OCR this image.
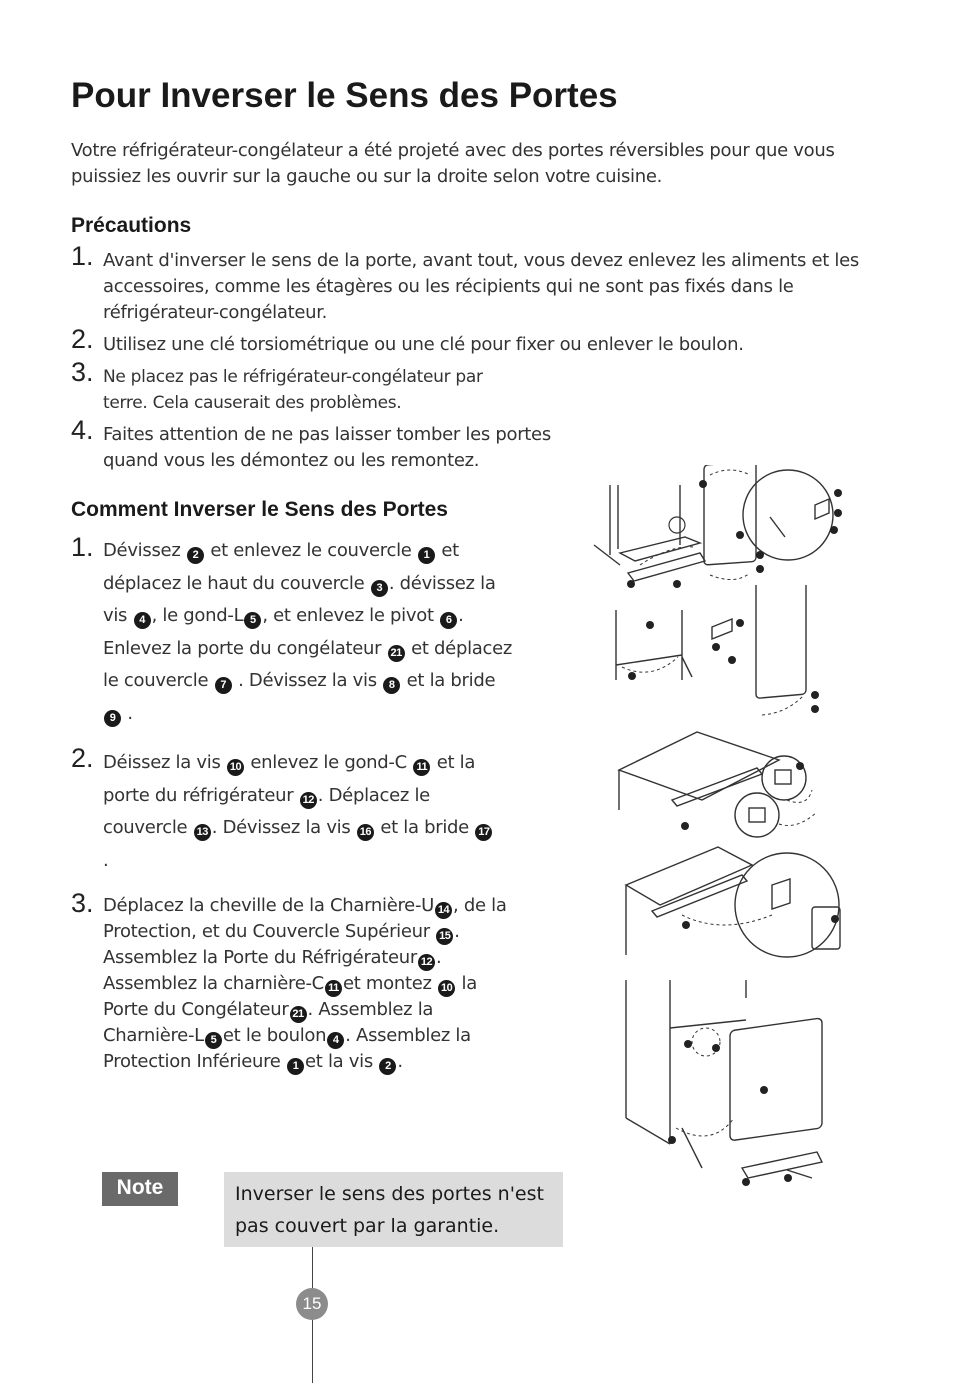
Pour Inverser le Sens des Portes
Votre réfrigérateur-congélateur a été projeté avec des portes réversibles pour que vous puissiez les ouvrir sur la gauche ou sur la droite selon votre cuisine.
Précautions
1. Avant d'inverser le sens de la porte, avant tout, vous devez enlevez les aliments et les accessoires, comme les étagères ou les récipients qui ne sont pas fixés dans le réfrigérateur-congélateur.
2. Utilisez une clé torsiométrique ou une clé pour fixer ou enlever le boulon.
3. Ne placez pas le réfrigérateur-congélateur par terre. Cela causerait des problèmes.
4. Faites attention de ne pas laisser tomber les portes quand vous les démontez ou les remontez.
Comment Inverser le Sens des Portes
1. Dévissez 2 et enlevez le couvercle 1 et déplacez le haut du couvercle 3 . dévissez la vis 4 , le gond-L 5 , et enlevez le pivot 6 . Enlevez la porte du congélateur 21 et déplacez le couvercle 7 . Dévissez la vis 8 et la bride 9 .
2. Déissez la vis 10 enlevez le gond-C 11 et la porte du réfrigérateur 12 . Déplacez le couvercle 13 . Dévissez la vis 16 et la bride 17 .
3. Déplacez la cheville de la Charnière-U 14 , de la Protection, et du Couvercle Supérieur 15 . Assemblez la Porte du Réfrigérateur 12 . Assemblez la charnière-C 11 et montez 10 la Porte du Congélateur 21 . Assemblez la Charnière-L 5 et le boulon 4 . Assemblez la Protection Inférieure 1 et la vis 2 .
Note	Inverser le sens des portes n'est
pas couvert par la garantie.
15
